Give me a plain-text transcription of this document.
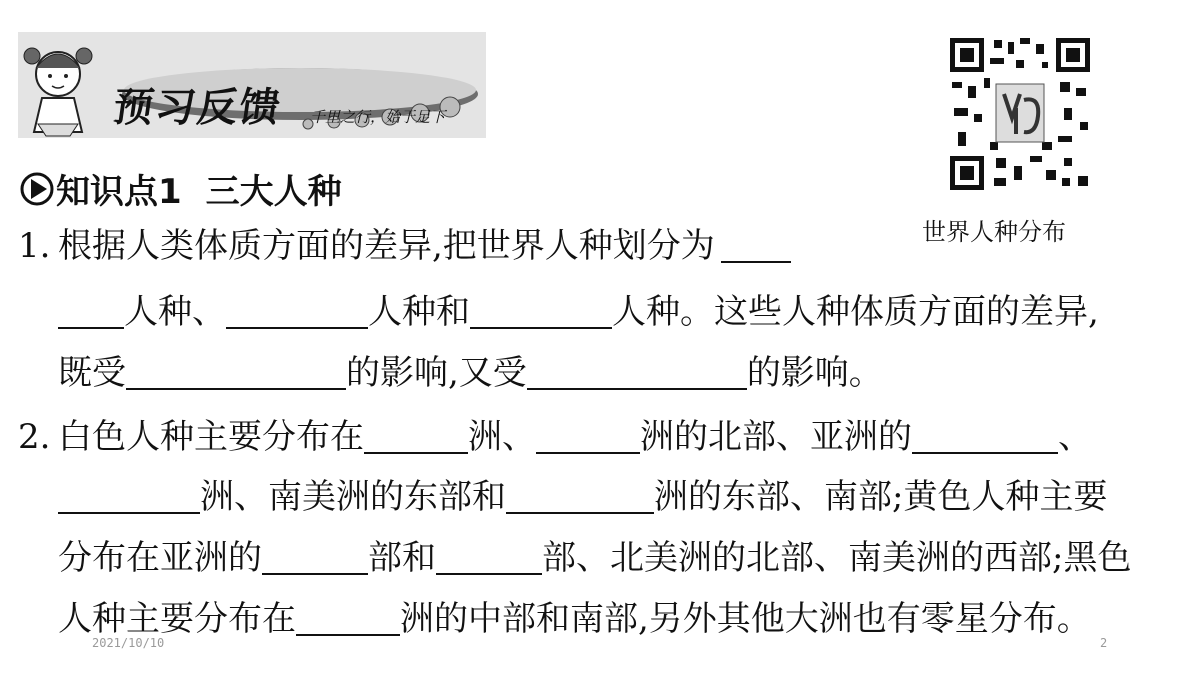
预习反馈 千里之行，始于足下
世界人种分布
知识点1 三大人种
1. 根据人类体质方面的差异,把世界人种划分为
人种、	人种和	人种。这些人种体质方面的差异,
既受	的影响,又受	的影响。
2. 白色人种主要分布在	洲、	洲的北部、亚洲的	、
洲、南美洲的东部和	洲的东部、南部;黄色人种主要
分布在亚洲的	部和	部、北美洲的北部、南美洲的西部;黑色
人种主要分布在	洲的中部和南部,另外其他大洲也有零星分布。
2021/10/10	2
